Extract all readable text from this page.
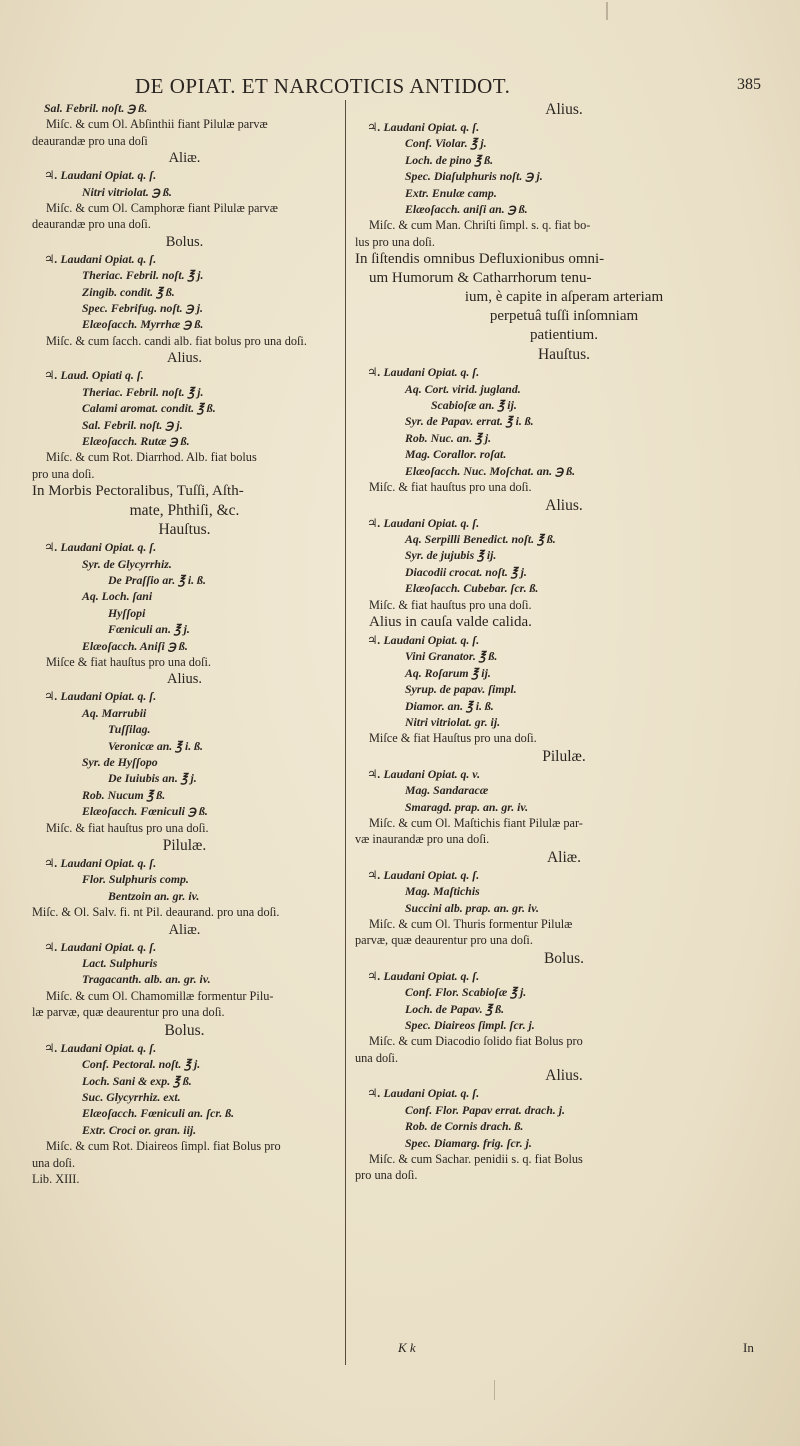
DE OPIAT. ET NARCOTICIS ANTIDOT.	385
Sal. Febril. noſt. ℈ ß.
Miſc. & cum Ol. Abſinthii fiant Pilulæ parvæ
deaurandæ pro una doſi
Aliæ.
♃. Laudani Opiat. q. ſ.
Nitri vitriolat. ℈ ß.
Miſc. & cum Ol. Camphoræ fiant Pilulæ parvæ
deaurandæ pro una doſi.
Bolus.
♃. Laudani Opiat. q. ſ.
Theriac. Febril. noſt. ℥ j.
Zingib. condit. ℥ ß.
Spec. Febrifug. noſt. ℈ j.
Elæoſacch. Myrrhæ ℈ ß.
Miſc. & cum ſacch. candi alb. fiat bolus pro una doſi.
Alius.
♃. Laud. Opiati q. ſ.
Theriac. Febril. noſt. ℥ j.
Calami aromat. condit. ℥ ß.
Sal. Febril. noſt. ℈ j.
Elæoſacch. Rutæ ℈ ß.
Miſc. & cum Rot. Diarrhod. Alb. fiat bolus
pro una doſi.
In Morbis Pectoralibus, Tuſſi, Aſth-
mate, Phthiſi, &c.
Hauſtus.
♃. Laudani Opiat. q. ſ.
Syr. de Glycyrrhiz.
De Praſſio ar. ℥ i. ß.
Aq. Loch. ſani
Hyſſopi
Fœniculi an. ℥ j.
Elæoſacch. Aniſi ℈ ß.
Miſce & fiat hauſtus pro una doſi.
Alius.
♃. Laudani Opiat. q. ſ.
Aq. Marrubii
Tuſſilag.
Veronicæ an. ℥ i. ß.
Syr. de Hyſſopo
De Iuiubis an. ℥ j.
Rob. Nucum ℥ ß.
Elæoſacch. Fœniculi ℈ ß.
Miſc. & fiat hauſtus pro una doſi.
Pilulæ.
♃. Laudani Opiat. q. ſ.
Flor. Sulphuris comp.
Bentzoin an. gr. iv.
Miſc. & Ol. Salv. fi. nt Pil. deaurand. pro una doſi.
Aliæ.
♃. Laudani Opiat. q. ſ.
Lact. Sulphuris
Tragacanth. alb. an. gr. iv.
Miſc. & cum Ol. Chamomillæ formentur Pilu-
læ parvæ, quæ deaurentur pro una doſi.
Bolus.
♃. Laudani Opiat. q. ſ.
Conf. Pectoral. noſt. ℥ j.
Loch. Sani & exp. ℥ ß.
Suc. Glycyrrhiz. ext.
Elæoſacch. Fœniculi an. ſcr. ß.
Extr. Croci or. gran. iij.
Miſc. & cum Rot. Diaireos ſimpl. fiat Bolus pro
una doſi.
Lib. XIII.
Alius.
♃. Laudani Opiat. q. ſ.
Conf. Violar. ℥ j.
Loch. de pino ℥ ß.
Spec. Diaſulphuris noſt. ℈ j.
Extr. Enulæ camp.
Elæoſacch. aniſi an. ℈ ß.
Miſc. & cum Man. Chriſti ſimpl. s. q. fiat bo-
lus pro una doſi.
In ſiſtendis omnibus Defluxionibus omni-
um Humorum & Catharrhorum tenu-
ium, è capite in aſperam arteriam
perpetuâ tuſſi inſomniam
patientium.
Hauſtus.
♃. Laudani Opiat. q. ſ.
Aq. Cort. virid. jugland.
Scabioſæ an. ℥ ij.
Syr. de Papav. errat. ℥ i. ß.
Rob. Nuc. an. ℥ j.
Mag. Corallor. roſat.
Elæoſacch. Nuc. Moſchat. an. ℈ ß.
Miſc. & fiat hauſtus pro una doſi.
Alius.
♃. Laudani Opiat. q. ſ.
Aq. Serpilli Benedict. noſt. ℥ ß.
Syr. de jujubis ℥ ij.
Diacodii crocat. noſt. ℥ j.
Elæoſacch. Cubebar. ſcr. ß.
Miſc. & fiat hauſtus pro una doſi.
Alius in cauſa valde calida.
♃. Laudani Opiat. q. ſ.
Vini Granator. ℥ ß.
Aq. Roſarum ℥ ij.
Syrup. de papav. ſimpl.
Diamor. an. ℥ i. ß.
Nitri vitriolat. gr. ij.
Miſce & fiat Hauſtus pro una doſi.
Pilulæ.
♃. Laudani Opiat. q. v.
Mag. Sandaracæ
Smaragd. prap. an. gr. iv.
Miſc. & cum Ol. Maſtichis fiant Pilulæ par-
væ inaurandæ pro una doſi.
Aliæ.
♃. Laudani Opiat. q. ſ.
Mag. Maſtichis
Succini alb. prap. an. gr. iv.
Miſc. & cum Ol. Thuris formentur Pilulæ
parvæ, quæ deaurentur pro una doſi.
Bolus.
♃. Laudani Opiat. q. ſ.
Conf. Flor. Scabioſæ ℥ j.
Loch. de Papav. ℥ ß.
Spec. Diaireos ſimpl. ſcr. j.
Miſc. & cum Diacodio ſolido fiat Bolus pro
una doſi.
Alius.
♃. Laudani Opiat. q. ſ.
Conf. Flor. Papav errat. drach. j.
Rob. de Cornis drach. ß.
Spec. Diamarg. frig. ſcr. j.
Miſc. & cum Sachar. penidii s. q. fiat Bolus
pro una doſi.
K k	In
